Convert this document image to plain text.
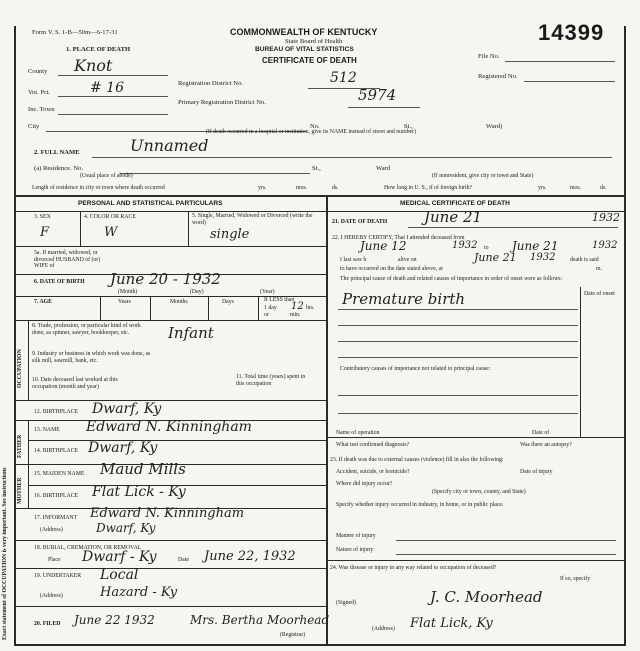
Exact statement of OCCUPATION is very important. See instructions
Form V. S. 1-B—50m—6-17-31	COMMONWEALTH OF KENTUCKY
State Board of Health
BUREAU OF VITAL STATISTICS
CERTIFICATE OF DEATH
14399
File No.
Registered No.
1. PLACE OF DEATH
County Knot
Vot. Pct.	# 16
Inc. Town
Registration District No.	512
Primary Registration District No.	5974
City	No.	St.,	Ward)
(If death occurred in a hospital or institution, give its NAME instead of street and number)
2. FULL NAME	Unnamed
(a) Residence. No.
(Usual place of abode)
St.,	Ward
(If nonresident, give city or town and State)
Length of residence in city or town where death occurred	yrs.	mos.	ds.	How long in U. S., if of foreign birth?	yrs.	mos.	ds.
PERSONAL AND STATISTICAL PARTICULARS	MEDICAL CERTIFICATE OF DEATH
3. SEX
F
4. COLOR OR RACE
W
5. Single, Married, Widowed or Divorced (write the word)
single
5a. If married, widowed, or divorced HUSBAND of (or) WIFE of
6. DATE OF BIRTH June 20 - 1932
(Month)	(Day)	(Year)
7. AGE	Years	Months	Days	If LESS than
1 day 12 hrs.
or	min.
OCCUPATION
8. Trade, profession, or particular kind of work done, as spinner, sawyer, bookkeeper, etc.	Infant
9. Industry or business in which work was done, as silk mill, sawmill, bank, etc.
10. Date deceased last worked at this occupation (month and year)
11. Total time (years) spent in this occupation
12. BIRTHPLACE Dwarf, Ky
FATHER
13. NAME Edward N. Kinningham
14. BIRTHPLACE Dwarf, Ky
MOTHER
15. MAIDEN NAME Maud Mills
16. BIRTHPLACE Flat Lick - Ky
17. INFORMANT Edward N. Kinningham
(Address)	Dwarf, Ky
18. BURIAL, CREMATION, OR REMOVAL
Place Dwarf - Ky	Date June 22, 1932
19. UNDERTAKER Local
(Address)	Hazard - Ky
20. FILED June 22 1932	Mrs. Bertha Moorhead
(Registrar)
21. DATE OF DEATH June 21	1932
22. I HEREBY CERTIFY, That I attended deceased from
June 12	1932 to June 21	1932
I last saw h	alive on	June 21 1932	death is said
to have occurred on the date stated above, at	m.
The principal cause of death and related causes of importance in order of onset were as follows:
Date of onset
Premature birth
Contributory causes of importance not related to principal cause:
Name of operation	Date of
What test confirmed diagnosis?	Was there an autopsy?
23. If death was due to external causes (violence) fill in also the following:
Accident, suicide, or homicide?	Date of injury
Where did injury occur?
(Specify city or town, county, and State)
Specify whether injury occurred in industry, in home, or in public place.
Manner of injury
Nature of injury
24. Was disease or injury in any way related to occupation of deceased?
If so, specify
(Signed)	J. C. Moorhead
(Address) Flat Lick, Ky
